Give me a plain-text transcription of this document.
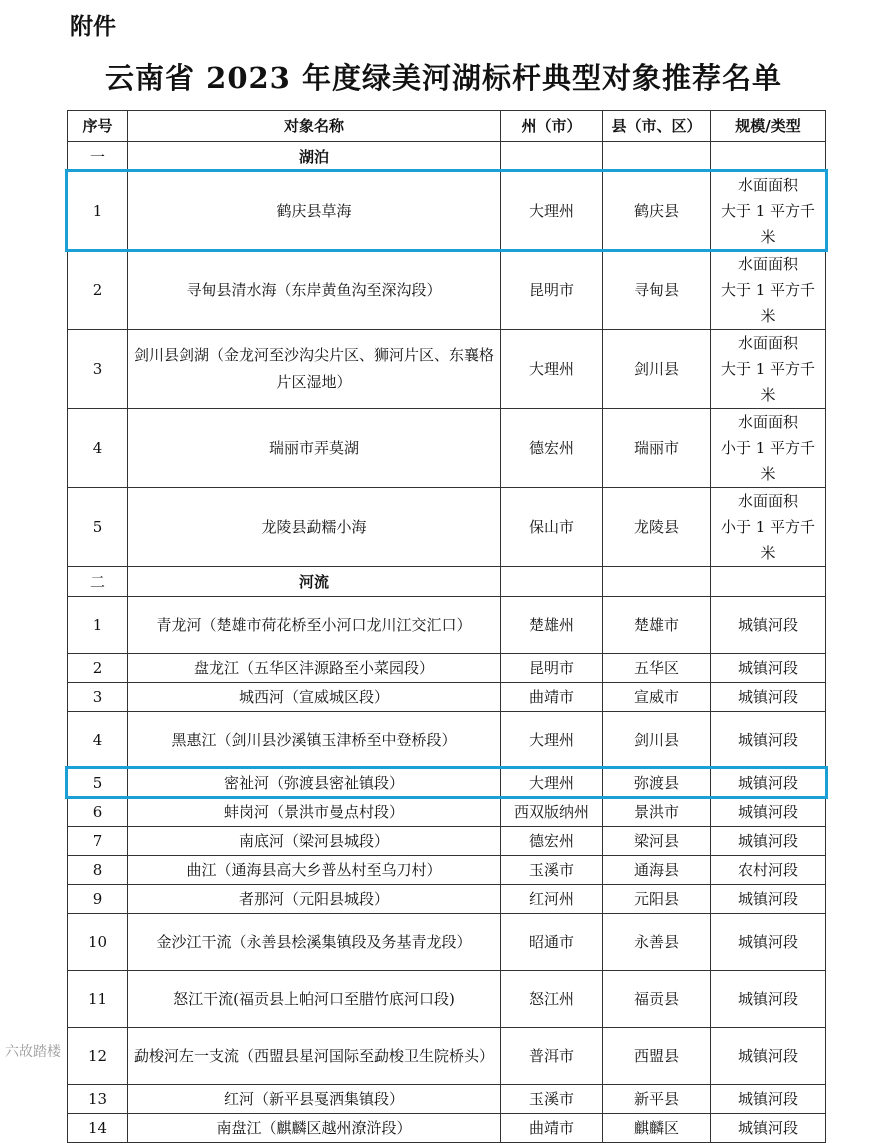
附件
云南省 2023 年度绿美河湖标杆典型对象推荐名单
序号	对象名称	州（市）	县（市、区）	规模/类型
一	湖泊			
1	鹤庆县草海	大理州	鹤庆县	水面面积
大于 1 平方千米
2	寻甸县清水海（东岸黄鱼沟至深沟段）	昆明市	寻甸县	水面面积
大于 1 平方千米
3	剑川县剑湖（金龙河至沙沟尖片区、狮河片区、东襄格片区湿地）	大理州	剑川县	水面面积
大于 1 平方千米
4	瑞丽市弄莫湖	德宏州	瑞丽市	水面面积
小于 1 平方千米
5	龙陵县勐糯小海	保山市	龙陵县	水面面积
小于 1 平方千米
二	河流			
1	青龙河（楚雄市荷花桥至小河口龙川江交汇口）	楚雄州	楚雄市	城镇河段
2	盘龙江（五华区沣源路至小菜园段）	昆明市	五华区	城镇河段
3	城西河（宣威城区段）	曲靖市	宣威市	城镇河段
4	黑惠江（剑川县沙溪镇玉津桥至中登桥段）	大理州	剑川县	城镇河段
5	密祉河（弥渡县密祉镇段）	大理州	弥渡县	城镇河段
6	蚌岗河（景洪市曼点村段）	西双版纳州	景洪市	城镇河段
7	南底河（梁河县城段）	德宏州	梁河县	城镇河段
8	曲江（通海县高大乡普丛村至乌刀村）	玉溪市	通海县	农村河段
9	者那河（元阳县城段）	红河州	元阳县	城镇河段
10	金沙江干流（永善县桧溪集镇段及务基青龙段）	昭通市	永善县	城镇河段
11	怒江干流(福贡县上帕河口至腊竹底河口段)	怒江州	福贡县	城镇河段
12	勐梭河左一支流（西盟县星河国际至勐梭卫生院桥头）	普洱市	西盟县	城镇河段
13	红河（新平县戛洒集镇段）	玉溪市	新平县	城镇河段
14	南盘江（麒麟区越州潦浒段）	曲靖市	麒麟区	城镇河段
六故踏楼
